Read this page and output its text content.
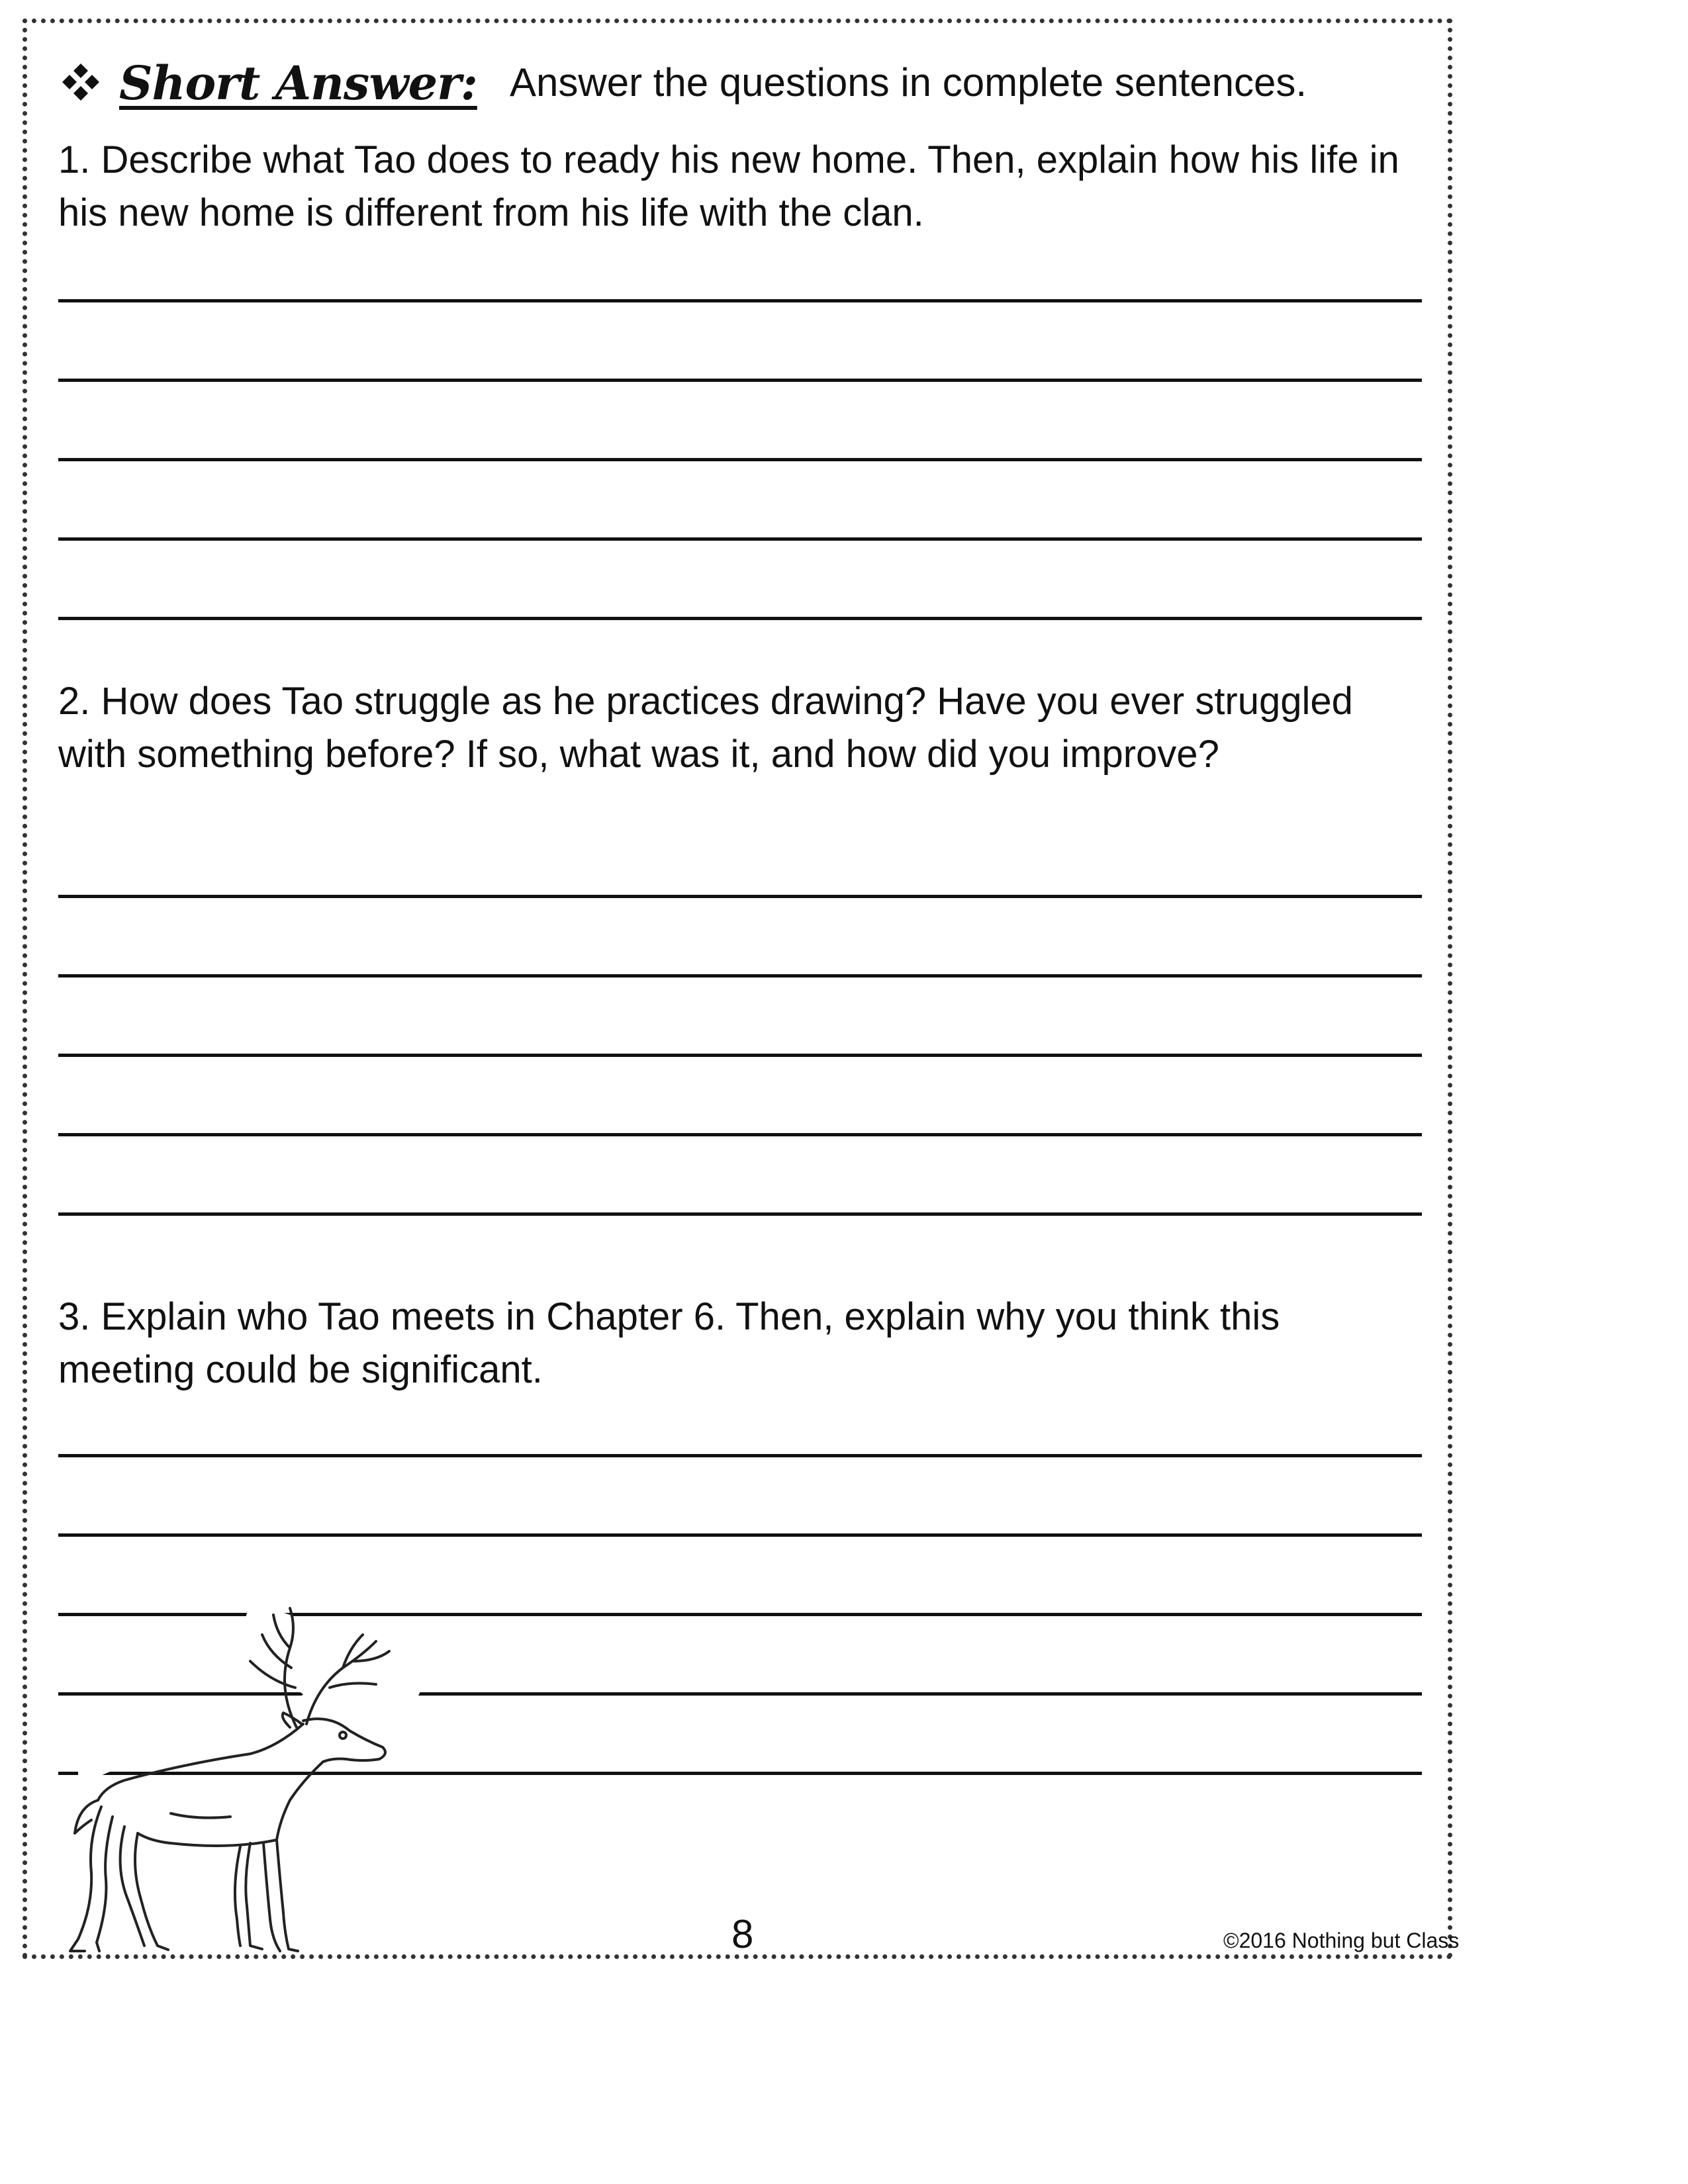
Short Answer: Answer the questions in complete sentences.
1. Describe what Tao does to ready his new home. Then, explain how his life in his new home is different from his life with the clan.
2. How does Tao struggle as he practices drawing? Have you ever struggled with something before? If so, what was it, and how did you improve?
3. Explain who Tao meets in Chapter 6. Then, explain why you think this meeting could be significant.
8	©2016 Nothing but Class
